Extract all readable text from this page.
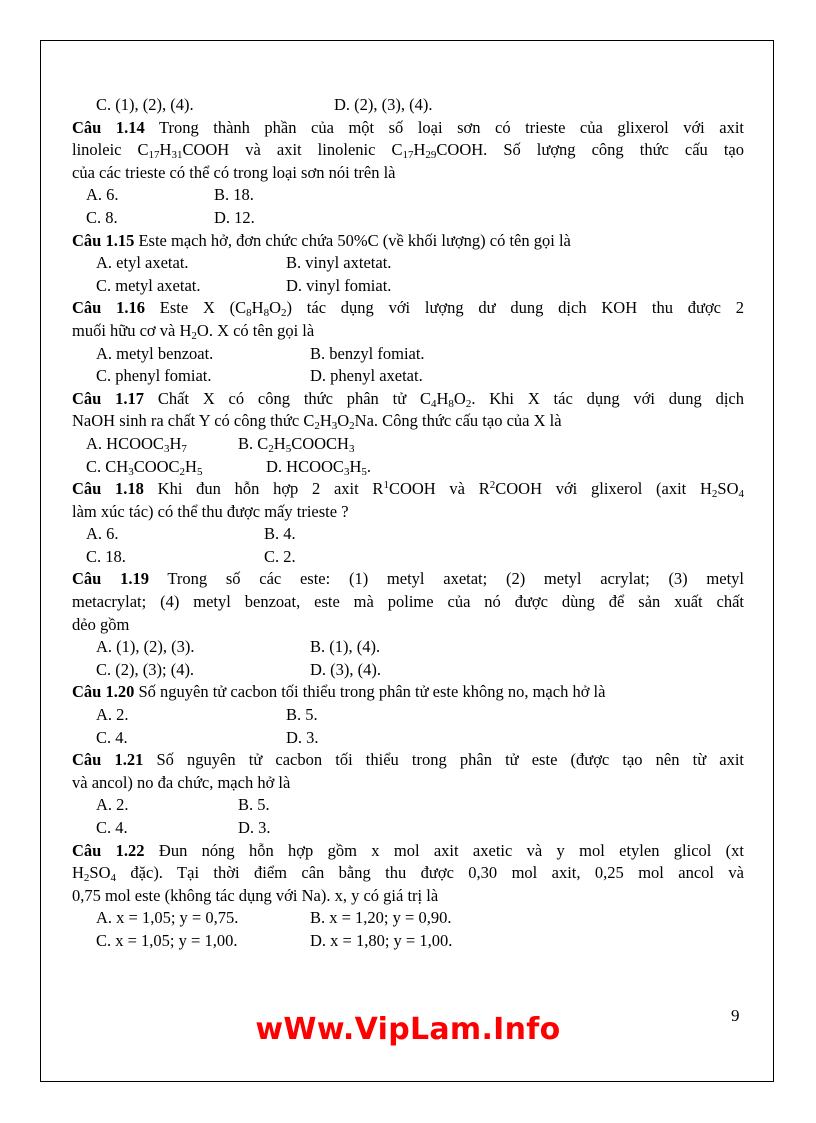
C. (1), (2), (4).	D. (2), (3), (4).
Câu 1.14 Trong thành phần của một số loại sơn có trieste của glixerol với axit
linoleic $C_{17}H_{31}COOH$ và axit linolenic $C_{17}H_{29}COOH$. Số lượng công thức cấu tạo
của các trieste có thể có trong loại sơn nói trên là
A. 6.	B. 18.
C. 8.	D. 12.
Câu 1.15 Este mạch hở, đơn chức chứa 50%C (về khối lượng) có tên gọi là
A. etyl axetat.	B. vinyl axtetat.
C. metyl axetat.	D. vinyl fomiat.
Câu 1.16 Este X $(C_8H_8O_2)$ tác dụng với lượng dư dung dịch KOH thu được 2
muối hữu cơ và $H_2O$. X có tên gọi là
A. metyl benzoat.	B. benzyl fomiat.
C. phenyl fomiat.	D. phenyl axetat.
Câu 1.17 Chất X có công thức phân tử $C_4H_8O_2$. Khi X tác dụng với dung dịch
NaOH sinh ra chất Y có công thức $C_2H_3O_2Na$. Công thức cấu tạo của X là
A. $HCOOC_3H_7$	B. $C_2H_5COOCH_3$
C. $CH_3COOC_2H_5$	D. $HCOOC_3H_5$.
Câu 1.18 Khi đun hỗn hợp 2 axit $R^1COOH$ và $R^2COOH$ với glixerol (axit $H_2SO_4$
làm xúc tác) có thể thu được mấy trieste ?
A. 6.	B. 4.
C. 18.	C. 2.
Câu 1.19 Trong số các este: (1) metyl axetat; (2) metyl acrylat; (3) metyl
metacrylat; (4) metyl benzoat, este mà polime của nó được dùng để sản xuất chất
dẻo gồm
A. (1), (2), (3).	B. (1), (4).
C. (2), (3); (4).	D. (3), (4).
Câu 1.20 Số nguyên tử cacbon tối thiểu trong phân tử este không no, mạch hở là
A. 2.	B. 5.
C. 4.	D. 3.
Câu 1.21 Số nguyên tử cacbon tối thiểu trong phân tử este (được tạo nên từ axit
và ancol) no đa chức, mạch hở là
A. 2.	B. 5.
C. 4.	D. 3.
Câu 1.22 Đun nóng hỗn hợp gồm x mol axit axetic và y mol etylen glicol (xt
$H_2SO_4$ đặc). Tại thời điểm cân bằng thu được 0,30 mol axit, 0,25 mol ancol và
0,75 mol este (không tác dụng với Na). x, y có giá trị là
A. x = 1,05; y = 0,75.	B. x = 1,20; y = 0,90.
C. x = 1,05; y = 1,00.	D. x = 1,80; y = 1,00.
9
wWw.VipLam.Info
